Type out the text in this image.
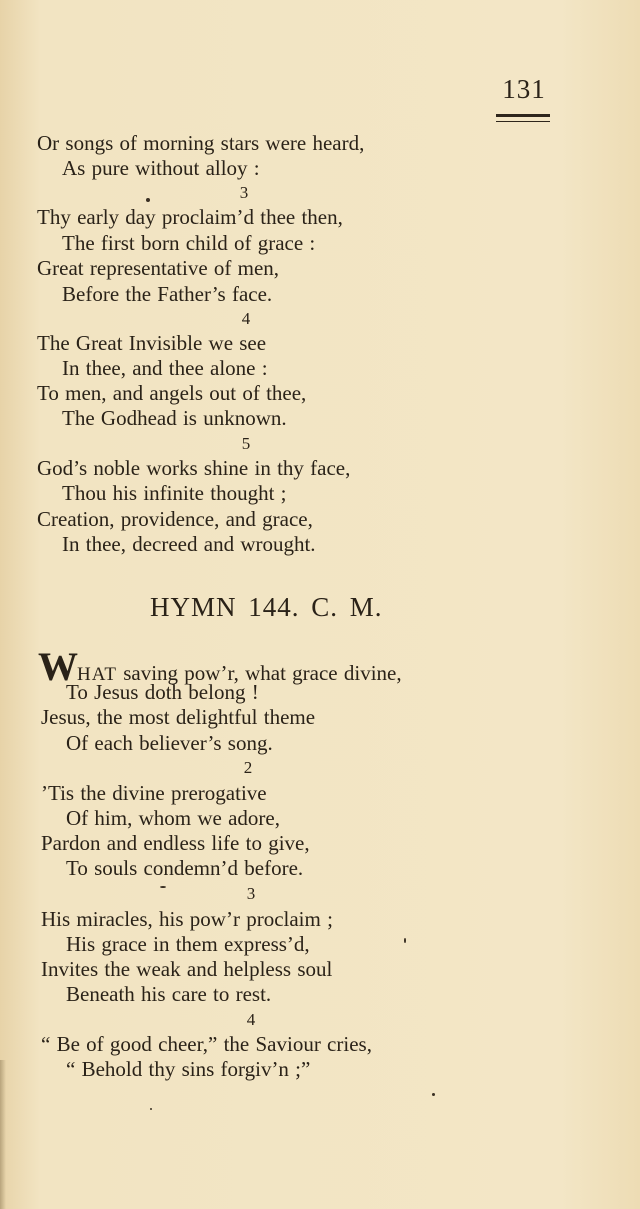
131
Or songs of morning stars were heard,
As pure without alloy :
3
Thy early day proclaim’d thee then,
The first born child of grace :
Great representative of men,
Before the Father’s face.
4
The Great Invisible we see
In thee, and thee alone :
To men, and angels out of thee,
The Godhead is unknown.
5
God’s noble works shine in thy face,
Thou his infinite thought ;
Creation, providence, and grace,
In thee, decreed and wrought.
HYMN 144. C. M.
WHAT saving pow’r, what grace divine,
To Jesus doth belong !
Jesus, the most delightful theme
Of each believer’s song.
2
’Tis the divine prerogative
Of him, whom we adore,
Pardon and endless life to give,
To souls condemn’d before.
3
His miracles, his pow’r proclaim ;
His grace in them express’d,
Invites the weak and helpless soul
Beneath his care to rest.
4
“ Be of good cheer,” the Saviour cries,
“ Behold thy sins forgiv’n ;”
